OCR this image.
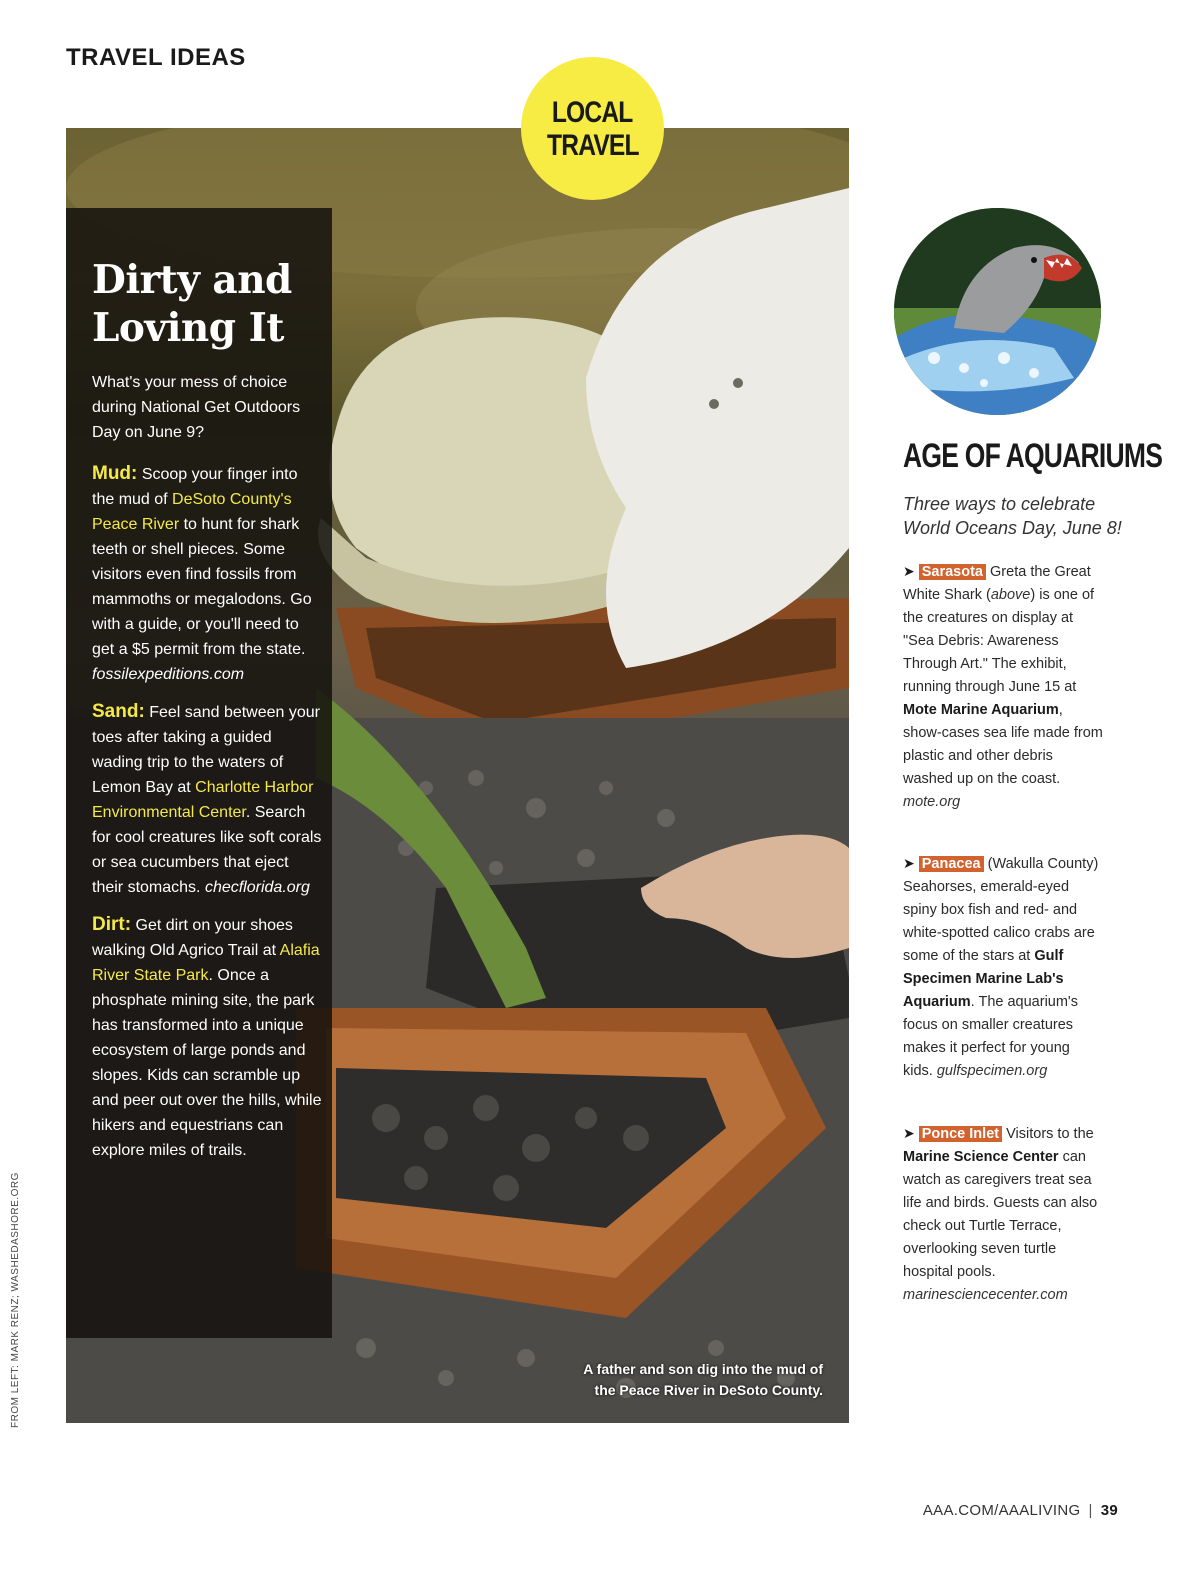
TRAVEL IDEAS
A father and son dig into the mud of the Peace River in DeSoto County.
LOCAL
TRAVEL
Dirty and
Loving It

What's your mess of choice during National Get Outdoors Day on June 9?

Mud: Scoop your finger into the mud of DeSoto County's Peace River to hunt for shark teeth or shell pieces. Some visitors even find fossils from mammoths or megalodons. Go with a guide, or you'll need to get a $5 permit from the state. fossilexpeditions.com

Sand: Feel sand between your toes after taking a guided wading trip to the waters of Lemon Bay at Charlotte Harbor Environmental Center. Search for cool creatures like soft corals or sea cucumbers that eject their stomachs. checflorida.org

Dirt: Get dirt on your shoes walking Old Agrico Trail at Alafia River State Park. Once a phosphate mining site, the park has transformed into a unique ecosystem of large ponds and slopes. Kids can scramble up and peer out over the hills, while hikers and equestrians can explore miles of trails.

AGE OF AQUARIUMS
Three ways to celebrate World Oceans Day, June 8!
➤ Sarasota Greta the Great White Shark (above) is one of the creatures on display at "Sea Debris: Awareness Through Art." The exhibit, running through June 15 at Mote Marine Aquarium, show-cases sea life made from plastic and other debris washed up on the coast. mote.org
➤ Panacea (Wakulla County) Seahorses, emerald-eyed spiny box fish and red- and white-spotted calico crabs are some of the stars at Gulf Specimen Marine Lab's Aquarium. The aquarium's focus on smaller creatures makes it perfect for young kids. gulfspecimen.org
➤ Ponce Inlet Visitors to the Marine Science Center can watch as caregivers treat sea life and birds. Guests can also check out Turtle Terrace, overlooking seven turtle hospital pools. marinesciencecenter.com
FROM LEFT: MARK RENZ; WASHEDASHORE.ORG
AAA.COM/AAALIVING | 39
